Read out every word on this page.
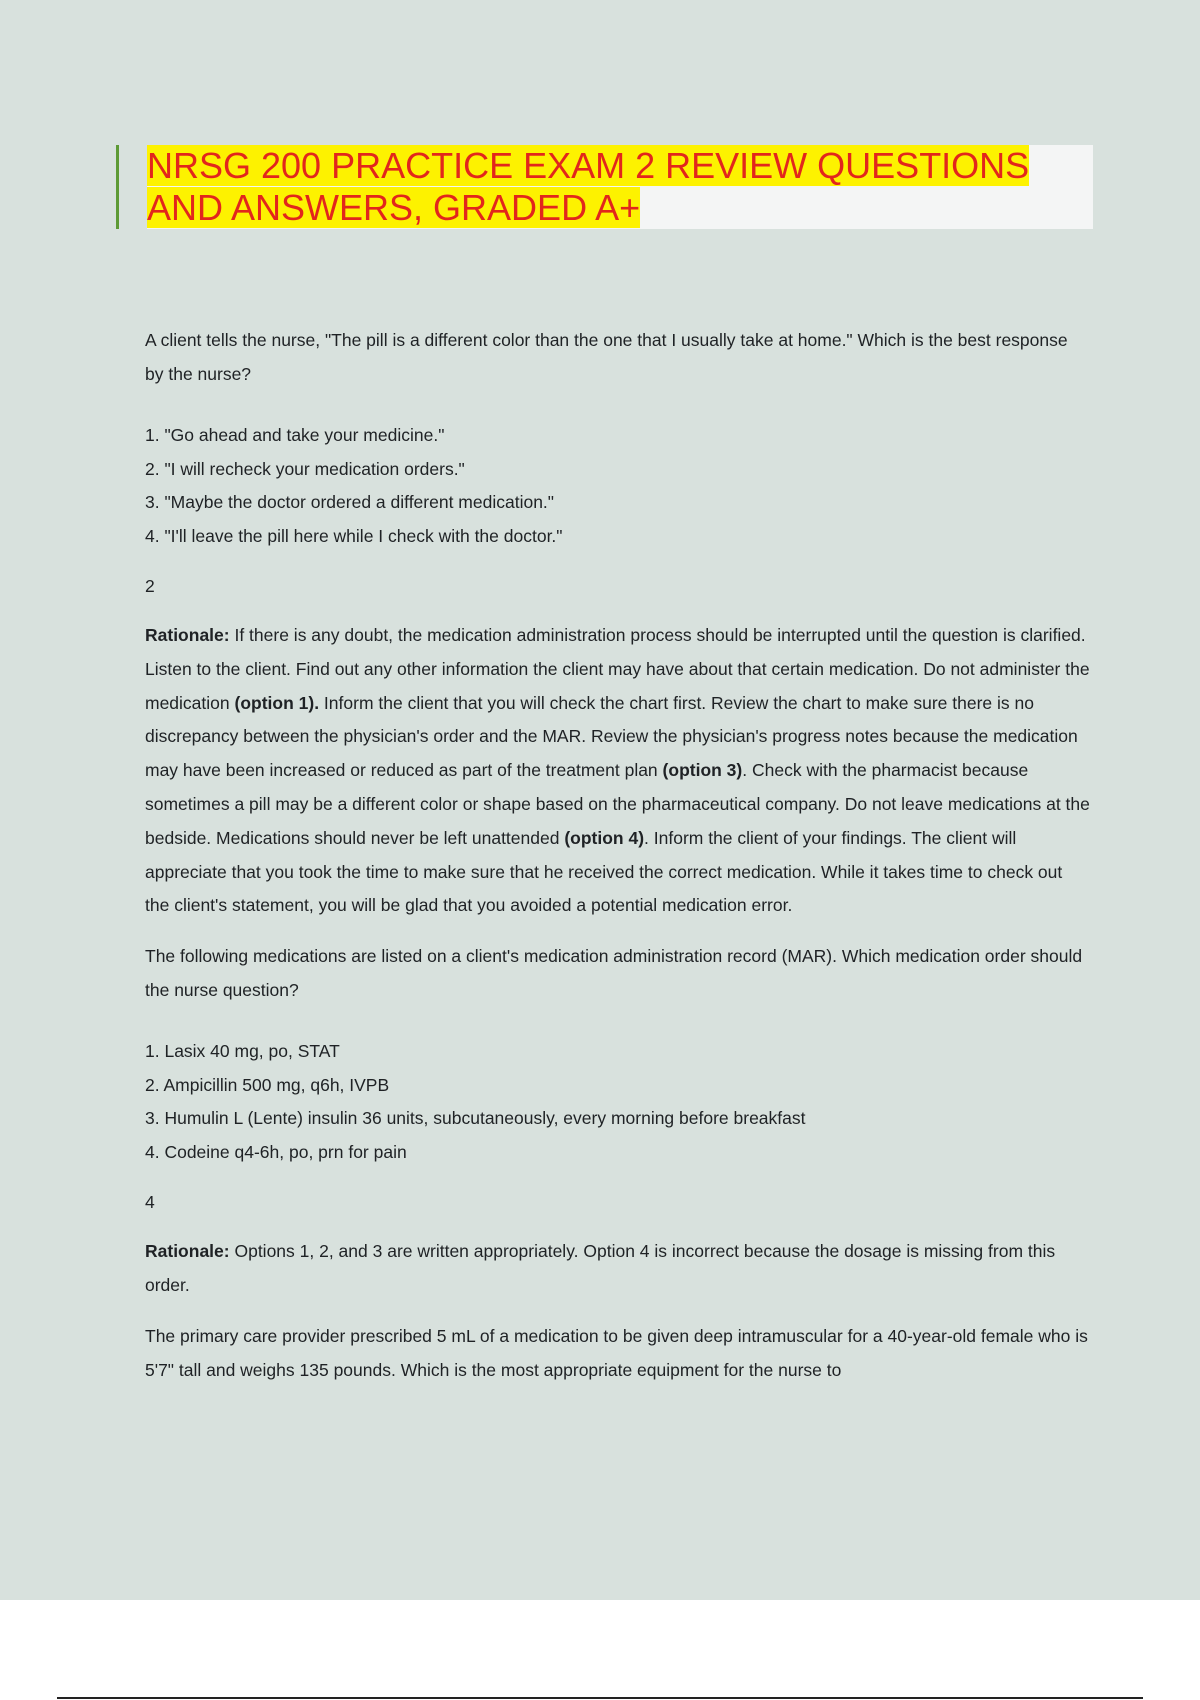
NRSG 200 PRACTICE EXAM 2 REVIEW QUESTIONS
AND ANSWERS, GRADED A+

A client tells the nurse, "The pill is a different color than the one that I usually take at home." Which is the best response by the nurse?

1. "Go ahead and take your medicine."
2. "I will recheck your medication orders."
3. "Maybe the doctor ordered a different medication."
4. "I'll leave the pill here while I check with the doctor."

2

Rationale: If there is any doubt, the medication administration process should be interrupted until the question is clarified. Listen to the client. Find out any other information the client may have about that certain medication. Do not administer the medication (option 1). Inform the client that you will check the chart first. Review the chart to make sure there is no discrepancy between the physician's order and the MAR. Review the physician's progress notes because the medication may have been increased or reduced as part of the treatment plan (option 3). Check with the pharmacist because sometimes a pill may be a different color or shape based on the pharmaceutical company. Do not leave medications at the bedside. Medications should never be left unattended (option 4). Inform the client of your findings. The client will appreciate that you took the time to make sure that he received the correct medication. While it takes time to check out the client's statement, you will be glad that you avoided a potential medication error.

The following medications are listed on a client's medication administration record (MAR). Which medication order should the nurse question?

1. Lasix 40 mg, po, STAT
2. Ampicillin 500 mg, q6h, IVPB
3. Humulin L (Lente) insulin 36 units, subcutaneously, every morning before breakfast
4. Codeine q4-6h, po, prn for pain

4

Rationale: Options 1, 2, and 3 are written appropriately. Option 4 is incorrect because the dosage is missing from this order.

The primary care provider prescribed 5 mL of a medication to be given deep intramuscular for a 40-year-old female who is 5'7" tall and weighs 135 pounds. Which is the most appropriate equipment for the nurse to
